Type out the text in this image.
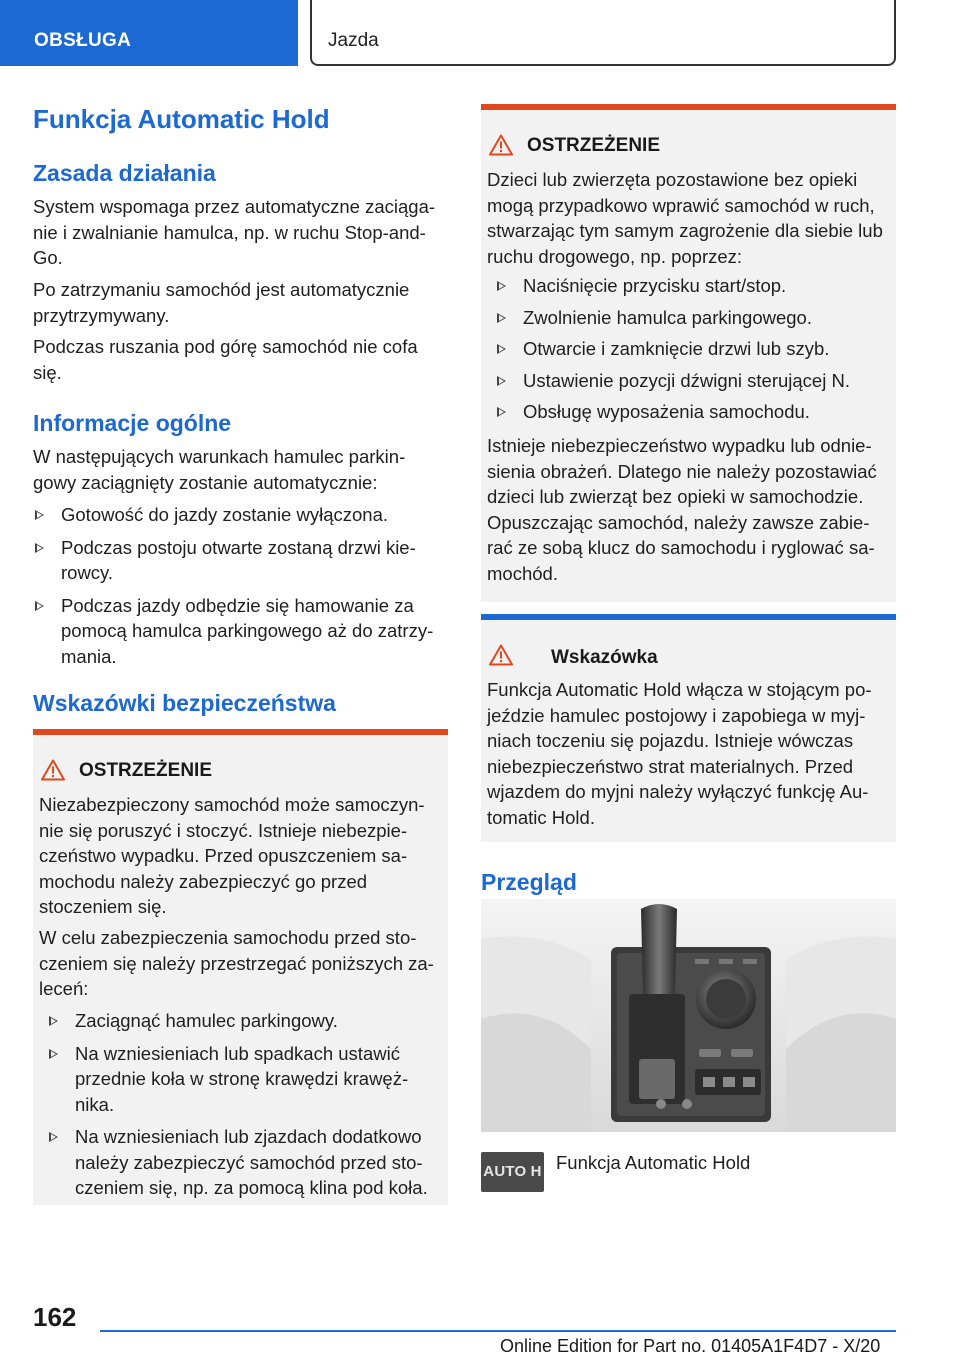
OBSŁUGA	Jazda
Funkcja Automatic Hold
Zasada działania
System wspomaga przez automatyczne zaciąga-
nie i zwalnianie hamulca, np. w ruchu Stop-and-
Go.
Po zatrzymaniu samochód jest automatycznie
przytrzymywany.
Podczas ruszania pod górę samochód nie cofa
się.
Informacje ogólne
W następujących warunkach hamulec parkin-
gowy zaciągnięty zostanie automatycznie:
Gotowość do jazdy zostanie wyłączona.
Podczas postoju otwarte zostaną drzwi kie-
rowcy.
Podczas jazdy odbędzie się hamowanie za
pomocą hamulca parkingowego aż do zatrzy-
mania.
Wskazówki bezpieczeństwa
OSTRZEŻENIE
Niezabezpieczony samochód może samoczyn-
nie się poruszyć i stoczyć. Istnieje niebezpie-
czeństwo wypadku. Przed opuszczeniem sa-
mochodu należy zabezpieczyć go przed
stoczeniem się.
W celu zabezpieczenia samochodu przed sto-
czeniem się należy przestrzegać poniższych za-
leceń:
Zaciągnąć hamulec parkingowy.
Na wzniesieniach lub spadkach ustawić
przednie koła w stronę krawędzi krawęż-
nika.
Na wzniesieniach lub zjazdach dodatkowo
należy zabezpieczyć samochód przed sto-
czeniem się, np. za pomocą klina pod koła.
OSTRZEŻENIE
Dzieci lub zwierzęta pozostawione bez opieki
mogą przypadkowo wprawić samochód w ruch,
stwarzając tym samym zagrożenie dla siebie lub
ruchu drogowego, np. poprzez:
Naciśnięcie przycisku start/stop.
Zwolnienie hamulca parkingowego.
Otwarcie i zamknięcie drzwi lub szyb.
Ustawienie pozycji dźwigni sterującej N.
Obsługę wyposażenia samochodu.
Istnieje niebezpieczeństwo wypadku lub odnie-
sienia obrażeń. Dlatego nie należy pozostawiać
dzieci lub zwierząt bez opieki w samochodzie.
Opuszczając samochód, należy zawsze zabie-
rać ze sobą klucz do samochodu i ryglować sa-
mochód.
Wskazówka
Funkcja Automatic Hold włącza w stojącym po-
jeździe hamulec postojowy i zapobiega w myj-
niach toczeniu się pojazdu. Istnieje wówczas
niebezpieczeństwo strat materialnych. Przed
wjazdem do myjni należy wyłączyć funkcję Au-
tomatic Hold.
Przegląd
AUTO H Funkcja Automatic Hold
162
Online Edition for Part no. 01405A1F4D7 - X/20
